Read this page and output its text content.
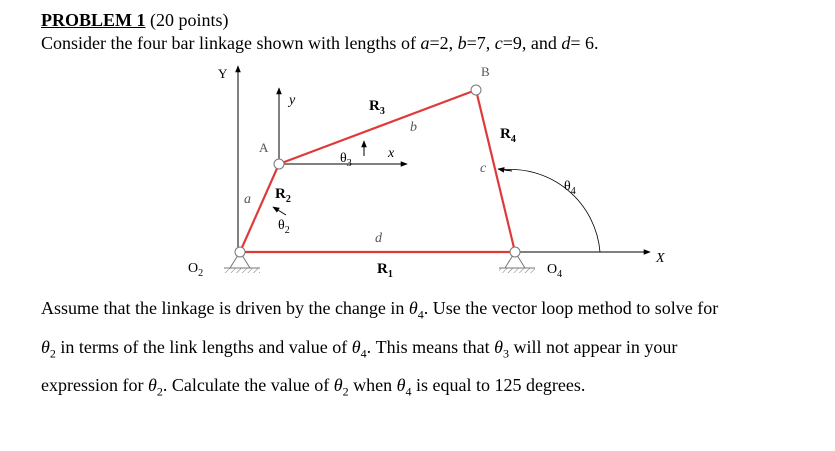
PROBLEM 1 (20 points)
Consider the four bar linkage shown with lengths of a=2, b=7, c=9, and d= 6.
Y
X
y
x
A
B
a
b
c
d
$R_1$
$R_2$
$R_3$
$R_4$
$\theta_2$
$\theta_3$
$\theta_4$
$O_2$	$O_4$

Assume that the linkage is driven by the change in $\theta_4$. Use the vector loop method to solve for

$\theta_2$ in terms of the link lengths and value of $\theta_4$. This means that $\theta_3$ will not appear in your

expression for $\theta_2$. Calculate the value of $\theta_2$ when $\theta_4$ is equal to 125 degrees.
